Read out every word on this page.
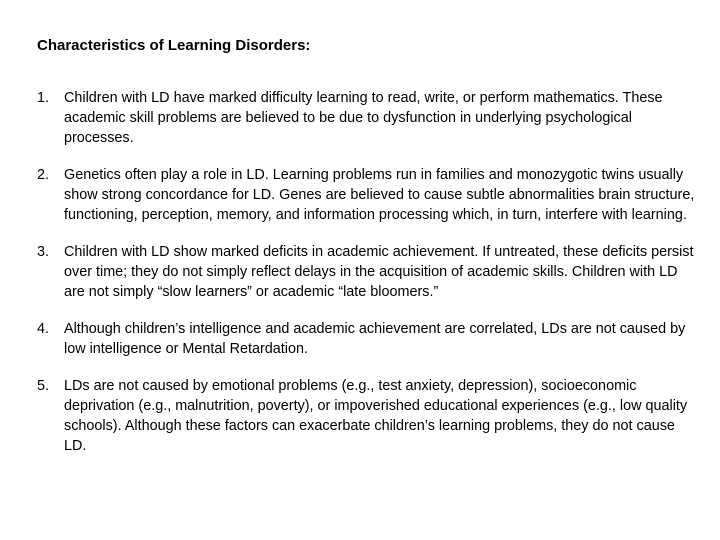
Characteristics of Learning Disorders:
1. Children with LD have marked difficulty learning to read, write, or perform mathematics. These academic skill problems are believed to be due to dysfunction in underlying psychological processes.
2. Genetics often play a role in LD. Learning problems run in families and monozygotic twins usually show strong concordance for LD. Genes are believed to cause subtle abnormalities brain structure, functioning, perception, memory, and information processing which, in turn, interfere with learning.
3. Children with LD show marked deficits in academic achievement. If untreated, these deficits persist over time; they do not simply reflect delays in the acquisition of academic skills. Children with LD are not simply “slow learners” or academic “late bloomers.”
4. Although children’s intelligence and academic achievement are correlated, LDs are not caused by low intelligence or Mental Retardation.
5. LDs are not caused by emotional problems (e.g., test anxiety, depression), socioeconomic deprivation (e.g., malnutrition, poverty), or impoverished educational experiences (e.g., low quality schools). Although these factors can exacerbate children’s learning problems, they do not cause LD.
